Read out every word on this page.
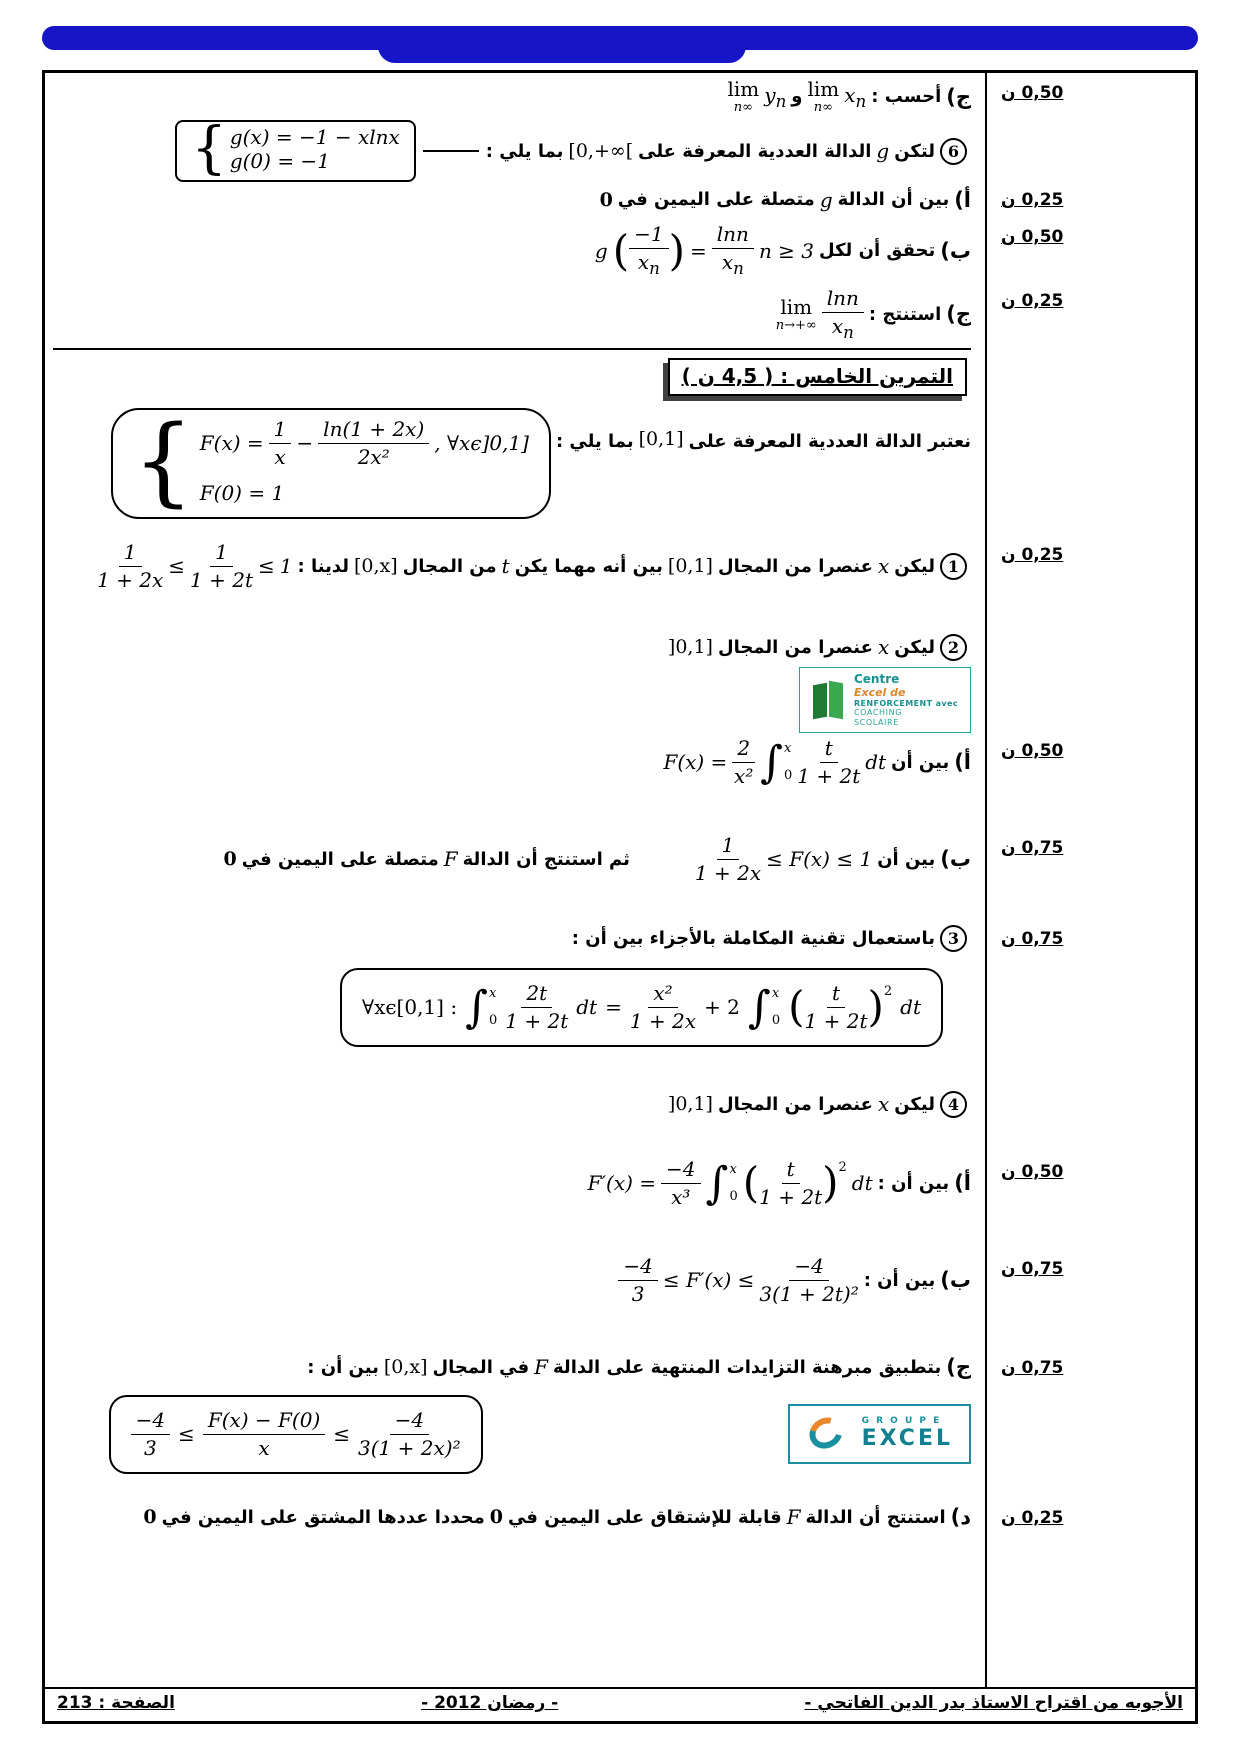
0,50 ن
ج)
أحسب :
lim
n∞
$x_n$
و
lim
n∞
$y_n$
6
لتكن
g
الدالة العددية المعرفة على
[0,+∞[
بما يلي :
{ g(x) = −1 − xlnx
g(0) = −1
0,25 ن
أ)
بين أن الدالة
g
متصلة على اليمين في
0
0,50 ن
ب)
تحقق أن لكل
n ≥ 3
g ( $\frac{-1}{x_n}$ ) = $\frac{\ln n}{x_n}$
0,25 ن
ج)
استنتج :
lim
$n\to+\infty \frac{\ln n}{x_n}$
التمرين الخامس : ( 4,5 ن )
نعتبر الدالة العددية المعرفة على
[0,1]
بما يلي :
{ $F(x) = \frac{1}{x} - \frac{\ln(1 + 2x)}{\text{2x²}}$ , ∀xϵ]0,1]
F(0) = 1
0,25 ن
1
ليكن
x
عنصرا من المجال
[0,1]
بين أنه مهما يكن
t
من المجال
[0,x]
لدينا :
$\frac{1}{1 + 2x} \le \frac{1}{1 + 2t} \le 1$
2
ليكن
x
عنصرا من المجال
]0,1]
Centre
Excel de
RENFORCEMENT avec
COACHING
SCOLAIRE
0,50 ن
أ)
بين أن
$F(x) = \frac{2}{\text{x²}}$ ∫ x
$0 \frac{t}{1 + 2t}$ dt
0,75 ن
ب)
بين أن
$\frac{1}{1 + 2x} \le F(x) \le 1$
ثم استنتج أن الدالة
F
متصلة على اليمين في
0
0,75 ن
3
باستعمال تقنية المكاملة بالأجزاء بين أن :
∀xϵ[0,1] : ∫ x
$0 \frac{2t}{1 + 2t}$ dt = $\frac{\text{x²}}{1 + 2x} + 2$ ∫ x
0 ( $\frac{t}{1 + 2t}$ ) 2
dt
4
ليكن
x
عنصرا من المجال
]0,1]
0,50 ن
أ)
بين أن :
$F'(x) = \frac{-4}{\text{x³}}$ ∫ x
0 ( $\frac{t}{1 + 2t}$ ) 2
dt
0,75 ن
ب)
بين أن :
$\frac{-4}{3} \le F'(x) \le \frac{-4}{\text{3(1 + 2t)²}}$
0,75 ن
ج)
بتطبيق مبرهنة التزايدات المنتهية على الدالة
F
في المجال
[0,x]
بين أن :
G R O U P E
EXCEL
$\frac{-4}{3} \le \frac{F(x) - F(0)}{x} \le \frac{-4}{\text{3(1 + 2x)²}}$
0,25 ن
د)
استنتج أن الدالة
F
قابلة للإشتقاق على اليمين في
0
محددا عددها المشتق على اليمين في
0
الأجوبه من اقتراح الاستاذ بدر الدين الفاتحي -
- رمضان 2012 -
الصفحة : 213
